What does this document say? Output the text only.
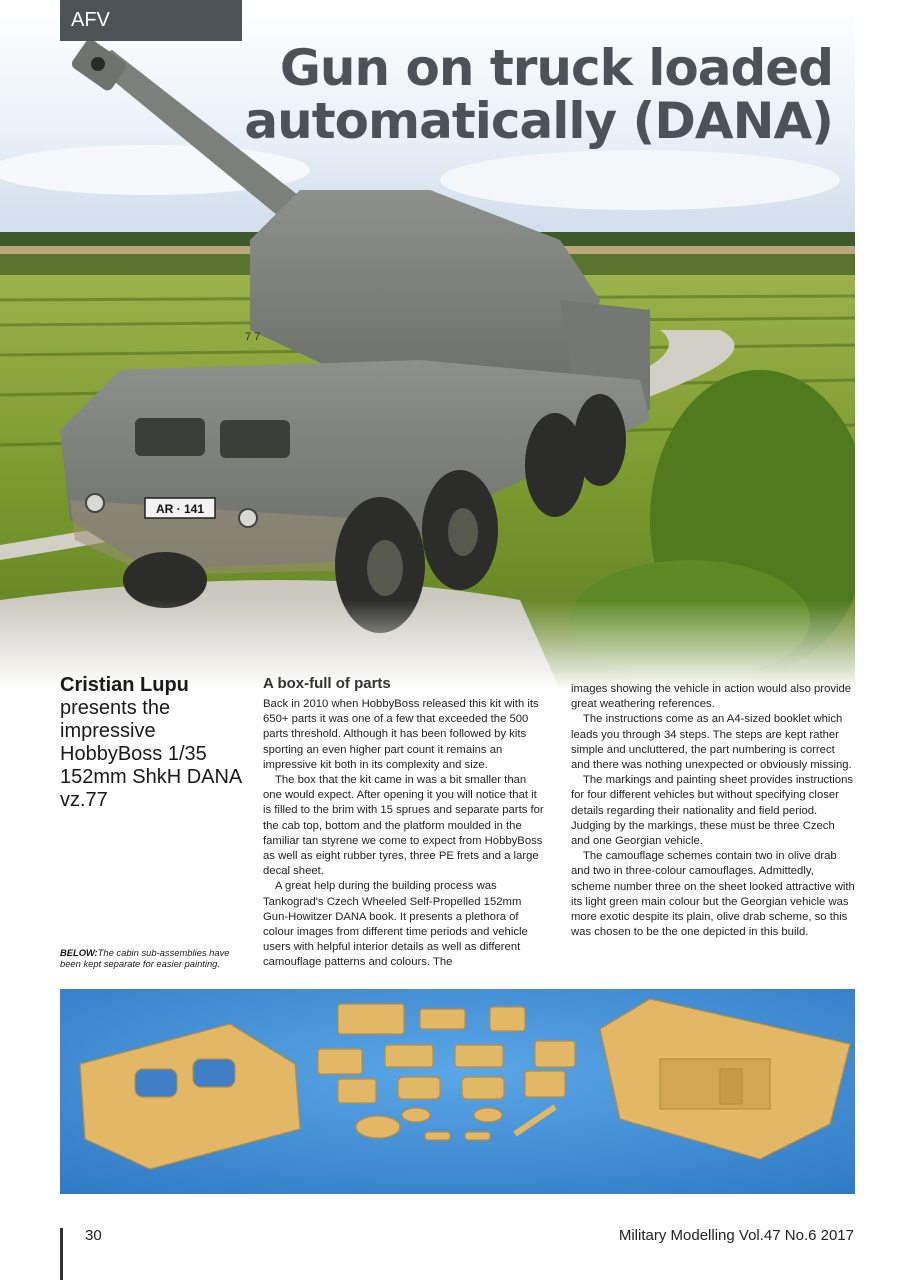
7 7
AR · 141
AFV
Gun on truck loaded automatically (DANA)
Cristian Lupu
presents the impressive HobbyBoss 1/35 152mm ShkH DANA vz.77
BELOW:The cabin sub-assemblies have been kept separate for easier painting.
A box-full of parts

Back in 2010 when HobbyBoss released this kit with its 650+ parts it was one of a few that exceeded the 500 parts threshold. Although it has been followed by kits sporting an even higher part count it remains an impressive kit both in its complexity and size.

The box that the kit came in was a bit smaller than one would expect. After opening it you will notice that it is filled to the brim with 15 sprues and separate parts for the cab top, bottom and the platform moulded in the familiar tan styrene we come to expect from HobbyBoss as well as eight rubber tyres, three PE frets and a large decal sheet.

A great help during the building process was Tankograd's Czech Wheeled Self-Propelled 152mm Gun-Howitzer DANA book. It presents a plethora of colour images from different time periods and vehicle users with helpful interior details as well as different camouflage patterns and colours. The

images showing the vehicle in action would also provide great weathering references.

The instructions come as an A4-sized booklet which leads you through 34 steps. The steps are kept rather simple and uncluttered, the part numbering is correct and there was nothing unexpected or obviously missing.

The markings and painting sheet provides instructions for four different vehicles but without specifying closer details regarding their nationality and field period. Judging by the markings, these must be three Czech and one Georgian vehicle.

The camouflage schemes contain two in olive drab and two in three-colour camouflages. Admittedly, scheme number three on the sheet looked attractive with its light green main colour but the Georgian vehicle was more exotic despite its plain, olive drab scheme, so this was chosen to be the one depicted in this build.

30	Military Modelling Vol.47 No.6 2017
